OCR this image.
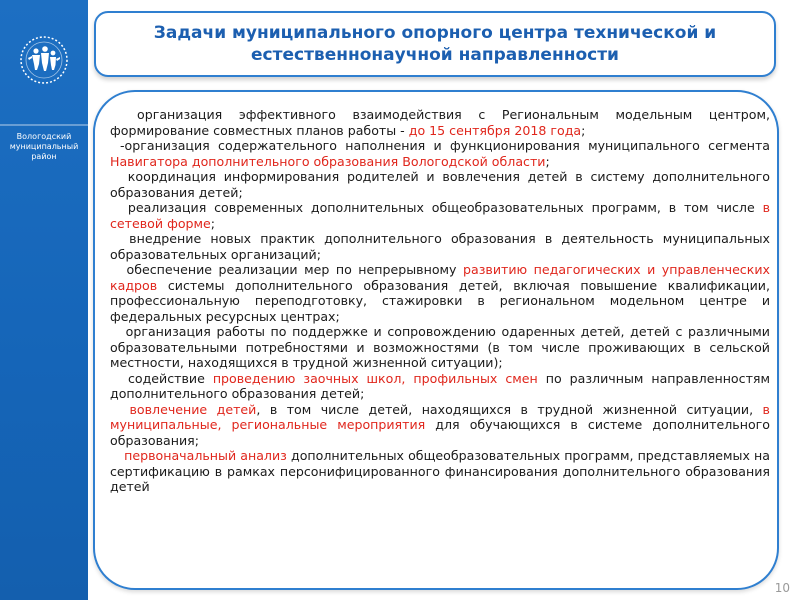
Вологодский муниципальный район
Задачи муниципального опорного центра технической и естественнонаучной направленности

организация эффективного взаимодействия с Региональным модельным центром, формирование совместных планов работы - до 15 сентября 2018 года;

-организация содержательного наполнения и функционирования муниципального сегмента Навигатора дополнительного образования Вологодской области;

координация информирования родителей и вовлечения детей в систему дополнительного образования детей;

реализация современных дополнительных общеобразовательных программ, в том числе в сетевой форме;

внедрение новых практик дополнительного образования в деятельность муниципальных образовательных организаций;

обеспечение реализации мер по непрерывному развитию педагогических и управленческих кадров системы дополнительного образования детей, включая повышение квалификации, профессиональную переподготовку, стажировки в региональном модельном центре и федеральных ресурсных центрах;

организация работы по поддержке и сопровождению одаренных детей, детей с различными образовательными потребностями и возможностями (в том числе проживающих в сельской местности, находящихся в трудной жизненной ситуации);

содействие проведению заочных школ, профильных смен по различным направленностям дополнительного образования детей;

вовлечение детей, в том числе детей, находящихся в трудной жизненной ситуации, в муниципальные, региональные мероприятия для обучающихся в системе дополнительного образования;

первоначальный анализ дополнительных общеобразовательных программ, представляемых на сертификацию в рамках персонифицированного финансирования дополнительного образования детей

10
